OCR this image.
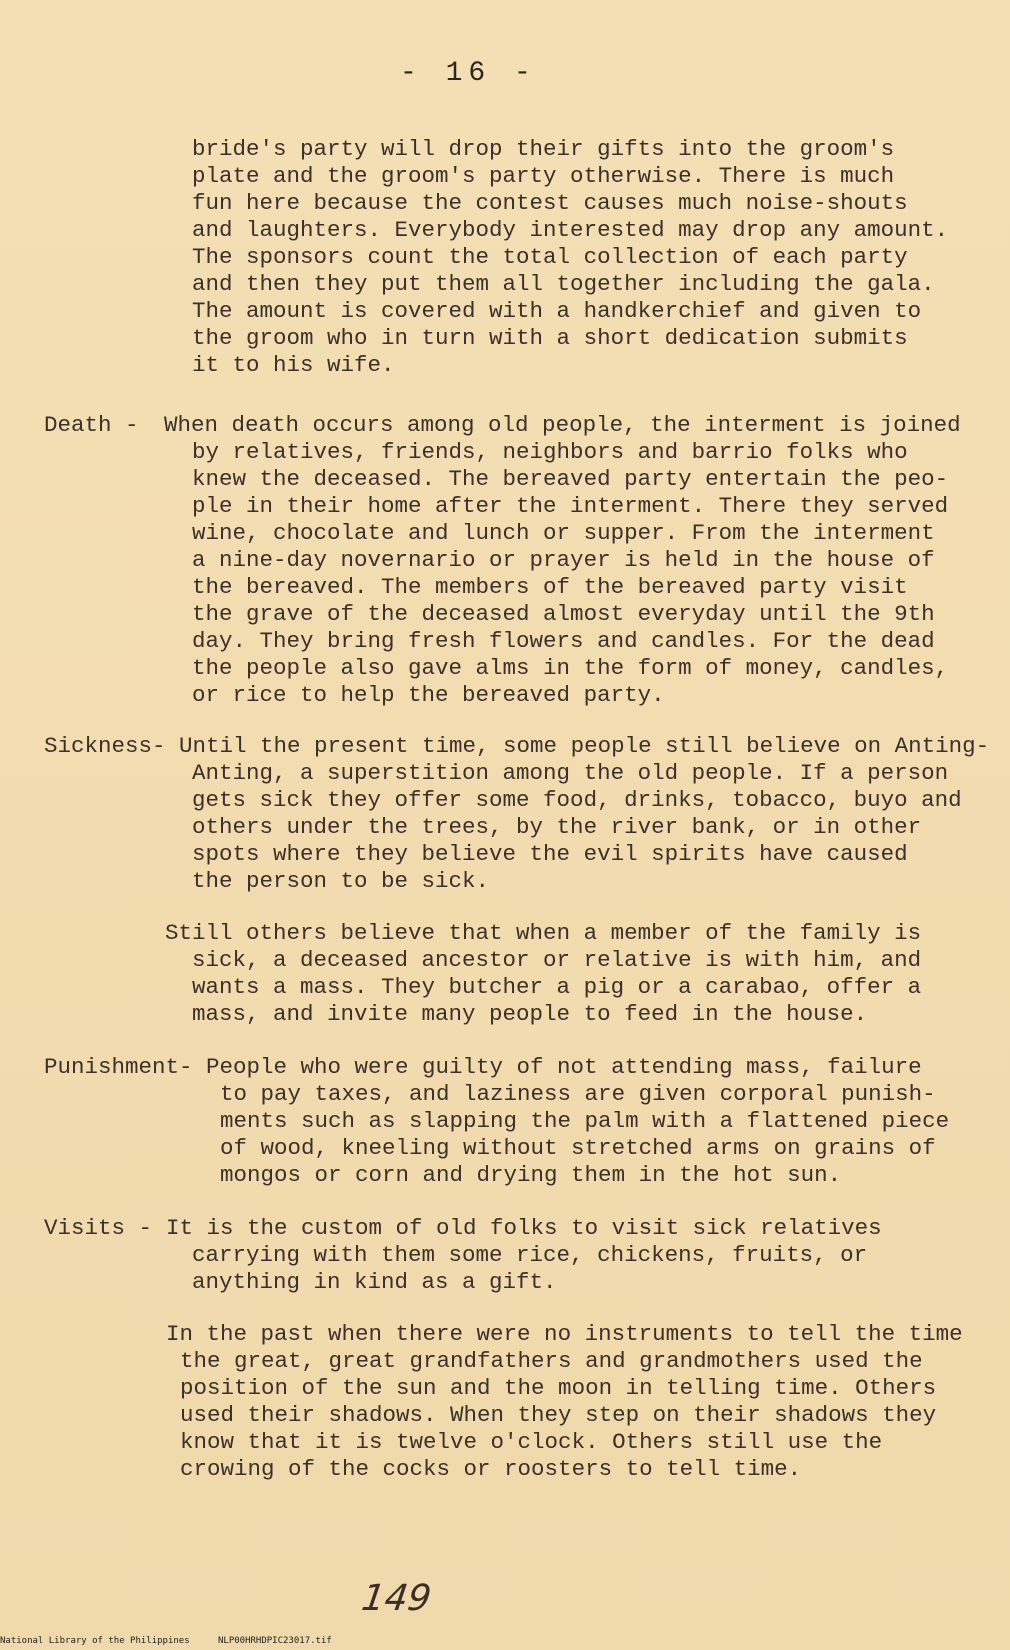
- 16 -
bride's party will drop their gifts into the groom's
plate and the groom's party otherwise. There is much
fun here because the contest causes much noise-shouts
and laughters. Everybody interested may drop any amount.
The sponsors count the total collection of each party
and then they put them all together including the gala.
The amount is covered with a handkerchief and given to
the groom who in turn with a short dedication submits
it to his wife.
Death - When death occurs among old people, the interment is joined
by relatives, friends, neighbors and barrio folks who
knew the deceased. The bereaved party entertain the peo-
ple in their home after the interment. There they served
wine, chocolate and lunch or supper. From the interment
a nine-day novernario or prayer is held in the house of
the bereaved. The members of the bereaved party visit
the grave of the deceased almost everyday until the 9th
day. They bring fresh flowers and candles. For the dead
the people also gave alms in the form of money, candles,
or rice to help the bereaved party.
Sickness- Until the present time, some people still believe on Anting-
Anting, a superstition among the old people. If a person
gets sick they offer some food, drinks, tobacco, buyo and
others under the trees, by the river bank, or in other
spots where they believe the evil spirits have caused
the person to be sick.
Still others believe that when a member of the family is
sick, a deceased ancestor or relative is with him, and
wants a mass. They butcher a pig or a carabao, offer a
mass, and invite many people to feed in the house.
Punishment- People who were guilty of not attending mass, failure
to pay taxes, and laziness are given corporal punish-
ments such as slapping the palm with a flattened piece
of wood, kneeling without stretched arms on grains of
mongos or corn and drying them in the hot sun.
Visits - It is the custom of old folks to visit sick relatives
carrying with them some rice, chickens, fruits, or
anything in kind as a gift.
In the past when there were no instruments to tell the time
the great, great grandfathers and grandmothers used the
position of the sun and the moon in telling time. Others
used their shadows. When they step on their shadows they
know that it is twelve o'clock. Others still use the
crowing of the cocks or roosters to tell time.
149
National Library of the Philippines	NLP00HRHDPIC23017.tif
